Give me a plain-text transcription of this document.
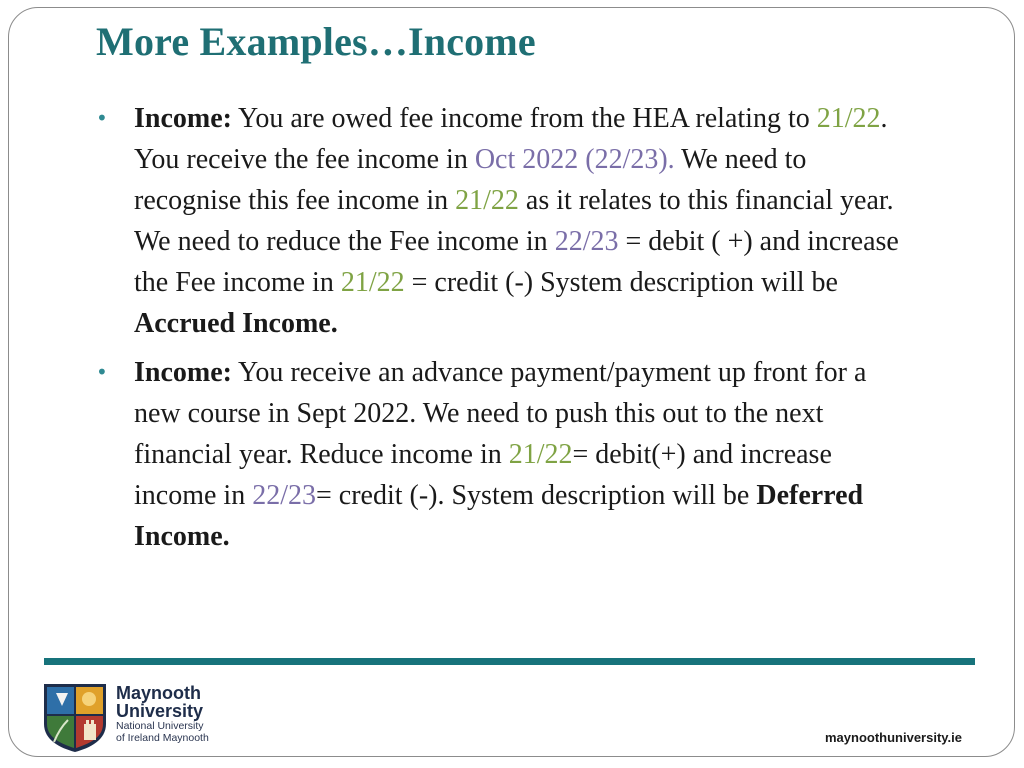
More Examples…Income
• Income: You are owed fee income from the HEA relating to 21/22. You receive the fee income in Oct 2022 (22/23). We need to recognise this fee income in 21/22 as it relates to this financial year. We need to reduce the Fee income in 22/23 = debit ( +) and increase the Fee income in 21/22 = credit (-) System description will be Accrued Income.
• Income: You receive an advance payment/payment up front for a new course in Sept 2022. We need to push this out to the next financial year. Reduce income in 21/22= debit(+) and increase income in 22/23= credit (-). System description will be Deferred Income.
Maynooth
University
National University
of Ireland Maynooth	maynoothuniversity.ie
